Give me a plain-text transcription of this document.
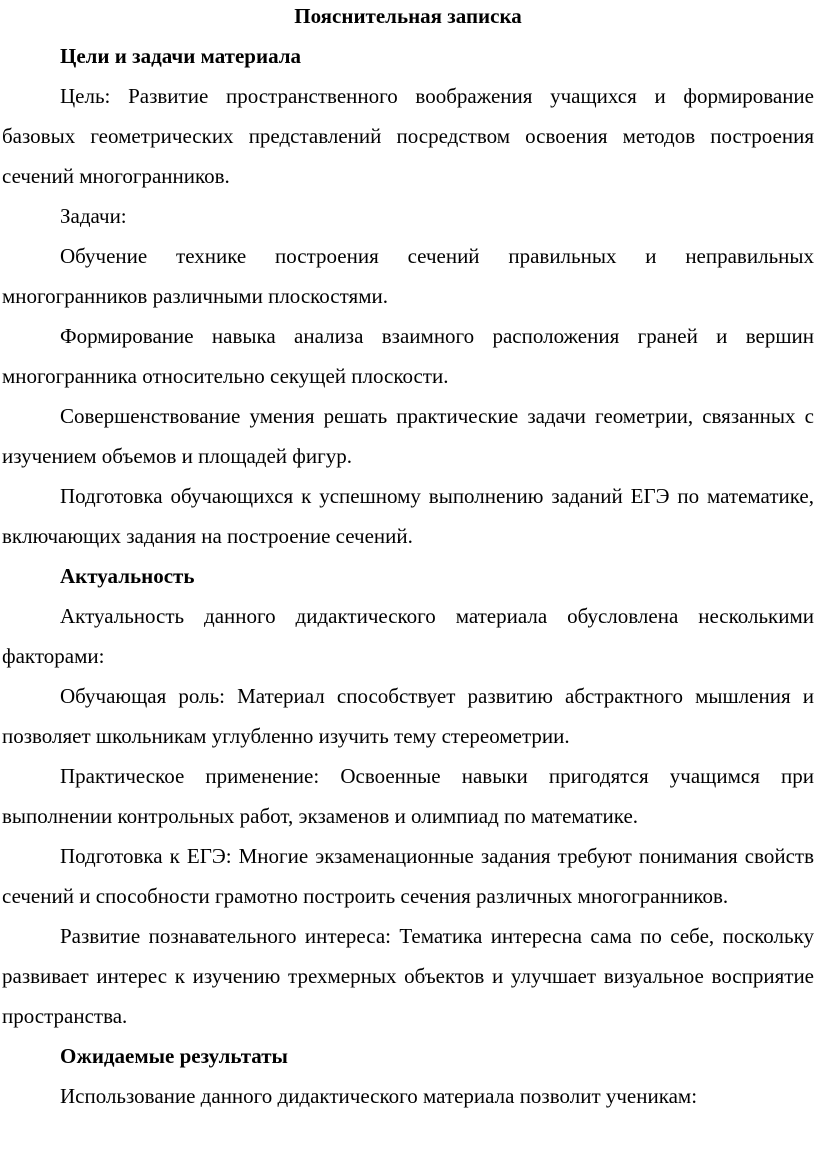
Пояснительная записка

Цели и задачи материала

Цель: Развитие пространственного воображения учащихся и формирование базовых геометрических представлений посредством освоения методов построения сечений многогранников.

Задачи:

Обучение технике построения сечений правильных и неправильных многогранников различными плоскостями.

Формирование навыка анализа взаимного расположения граней и вершин многогранника относительно секущей плоскости.

Совершенствование умения решать практические задачи геометрии, связанных с изучением объемов и площадей фигур.

Подготовка обучающихся к успешному выполнению заданий ЕГЭ по математике, включающих задания на построение сечений.

Актуальность

Актуальность данного дидактического материала обусловлена несколькими факторами:

Обучающая роль: Материал способствует развитию абстрактного мышления и позволяет школьникам углубленно изучить тему стереометрии.

Практическое применение: Освоенные навыки пригодятся учащимся при выполнении контрольных работ, экзаменов и олимпиад по математике.

Подготовка к ЕГЭ: Многие экзаменационные задания требуют понимания свойств сечений и способности грамотно построить сечения различных многогранников.

Развитие познавательного интереса: Тематика интересна сама по себе, поскольку развивает интерес к изучению трехмерных объектов и улучшает визуальное восприятие пространства.

Ожидаемые результаты

Использование данного дидактического материала позволит ученикам:
